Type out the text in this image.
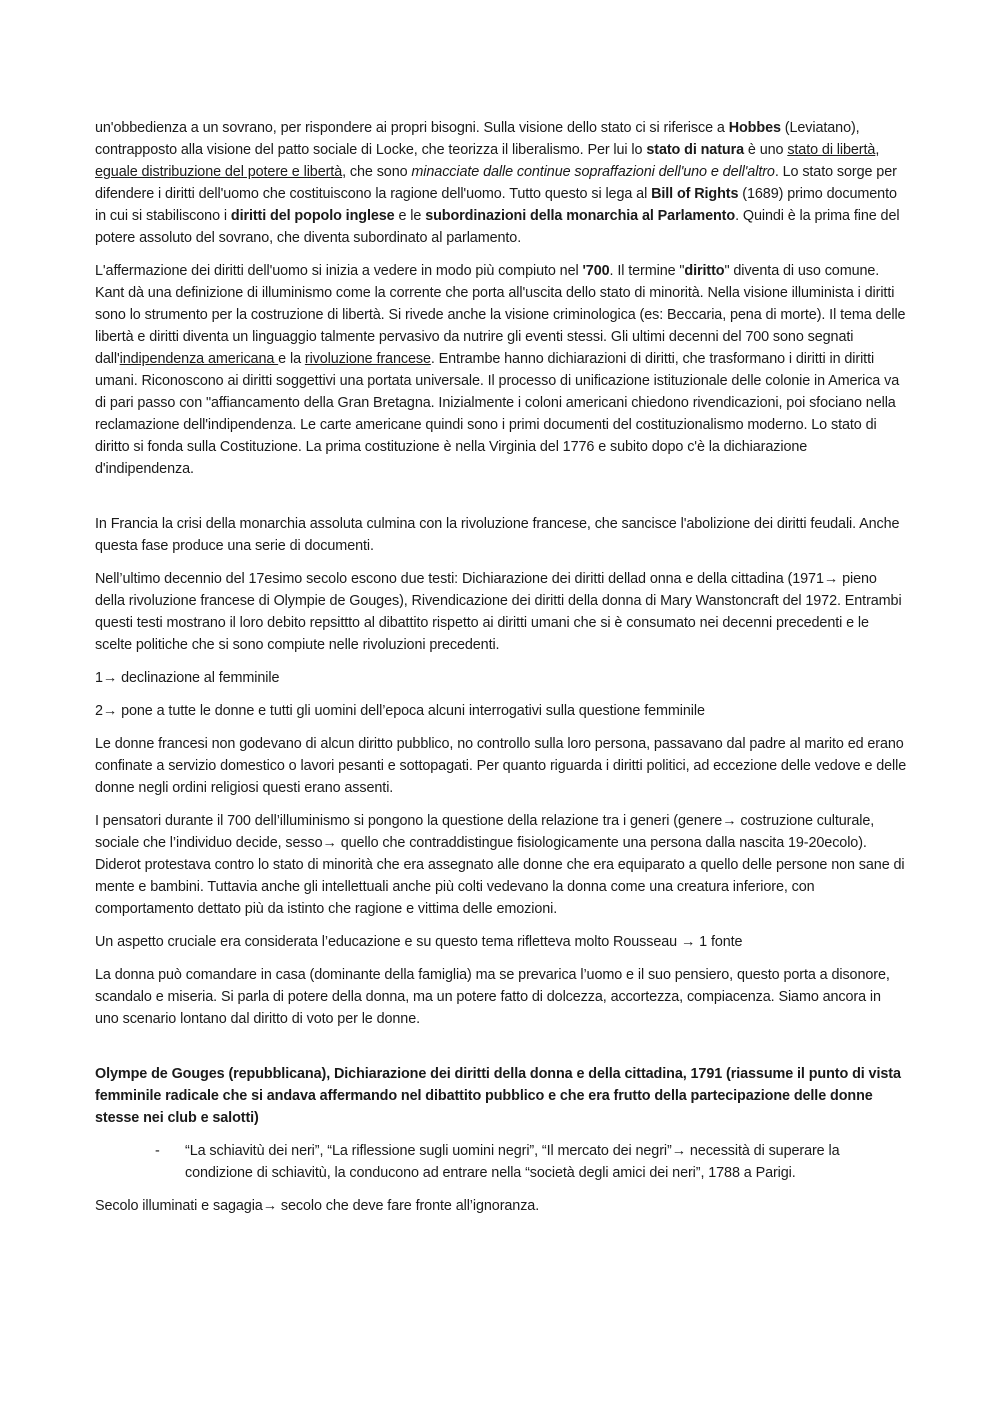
un'obbedienza a un sovrano, per rispondere ai propri bisogni. Sulla visione dello stato ci si riferisce a Hobbes (Leviatano), contrapposto alla visione del patto sociale di Locke, che teorizza il liberalismo. Per lui lo stato di natura è uno stato di libertà, eguale distribuzione del potere e libertà, che sono minacciate dalle continue sopraffazioni dell'uno e dell'altro. Lo stato sorge per difendere i diritti dell'uomo che costituiscono la ragione dell'uomo. Tutto questo si lega al Bill of Rights (1689) primo documento in cui si stabiliscono i diritti del popolo inglese e le subordinazioni della monarchia al Parlamento. Quindi è la prima fine del potere assoluto del sovrano, che diventa subordinato al parlamento.

L'affermazione dei diritti dell'uomo si inizia a vedere in modo più compiuto nel '700. Il termine "diritto" diventa di uso comune. Kant dà una definizione di illuminismo come la corrente che porta all'uscita dello stato di minorità. Nella visione illuminista i diritti sono lo strumento per la costruzione di libertà. Si rivede anche la visione criminologica (es: Beccaria, pena di morte). Il tema delle libertà e diritti diventa un linguaggio talmente pervasivo da nutrire gli eventi stessi. Gli ultimi decenni del 700 sono segnati dall'indipendenza americana e la rivoluzione francese. Entrambe hanno dichiarazioni di diritti, che trasformano i diritti in diritti umani. Riconoscono ai diritti soggettivi una portata universale. Il processo di unificazione istituzionale delle colonie in America va di pari passo con "affiancamento della Gran Bretagna. Inizialmente i coloni americani chiedono rivendicazioni, poi sfociano nella reclamazione dell'indipendenza. Le carte americane quindi sono i primi documenti del costituzionalismo moderno. Lo stato di diritto si fonda sulla Costituzione. La prima costituzione è nella Virginia del 1776 e subito dopo c'è la dichiarazione d'indipendenza.

In Francia la crisi della monarchia assoluta culmina con la rivoluzione francese, che sancisce l'abolizione dei diritti feudali. Anche questa fase produce una serie di documenti.

Nell’ultimo decennio del 17esimo secolo escono due testi: Dichiarazione dei diritti dellad onna e della cittadina (1971→ pieno della rivoluzione francese di Olympie de Gouges), Rivendicazione dei diritti della donna di Mary Wanstoncraft del 1972. Entrambi questi testi mostrano il loro debito repsittto al dibattito rispetto ai diritti umani che si è consumato nei decenni precedenti e le scelte politiche che si sono compiute nelle rivoluzioni precedenti.

1→ declinazione al femminile

2→ pone a tutte le donne e tutti gli uomini dell’epoca alcuni interrogativi sulla questione femminile

Le donne francesi non godevano di alcun diritto pubblico, no controllo sulla loro persona, passavano dal padre al marito ed erano confinate a servizio domestico o lavori pesanti e sottopagati. Per quanto riguarda i diritti politici, ad eccezione delle vedove e delle donne negli ordini religiosi questi erano assenti.

I pensatori durante il 700 dell’illuminismo si pongono la questione della relazione tra i generi (genere→ costruzione culturale, sociale che l’individuo decide, sesso→ quello che contraddistingue fisiologicamente una persona dalla nascita 19-20ecolo). Diderot protestava contro lo stato di minorità che era assegnato alle donne che era equiparato a quello delle persone non sane di mente e bambini. Tuttavia anche gli intellettuali anche più colti vedevano la donna come una creatura inferiore, con comportamento dettato più da istinto che ragione e vittima delle emozioni.

Un aspetto cruciale era considerata l’educazione e su questo tema rifletteva molto Rousseau → 1 fonte

La donna può comandare in casa (dominante della famiglia) ma se prevarica l’uomo e il suo pensiero, questo porta a disonore, scandalo e miseria. Si parla di potere della donna, ma un potere fatto di dolcezza, accortezza, compiacenza. Siamo ancora in uno scenario lontano dal diritto di voto per le donne.

Olympe de Gouges (repubblicana), Dichiarazione dei diritti della donna e della cittadina, 1791 (riassume il punto di vista femminile radicale che si andava affermando nel dibattito pubblico e che era frutto della partecipazione delle donne stesse nei club e salotti)

-	“La schiavitù dei neri”, “La riflessione sugli uomini negri”, “Il mercato dei negri”→ necessità di superare la condizione di schiavitù, la conducono ad entrare nella “società degli amici dei neri”, 1788 a Parigi.

Secolo illuminati e sagagia→ secolo che deve fare fronte all’ignoranza.
